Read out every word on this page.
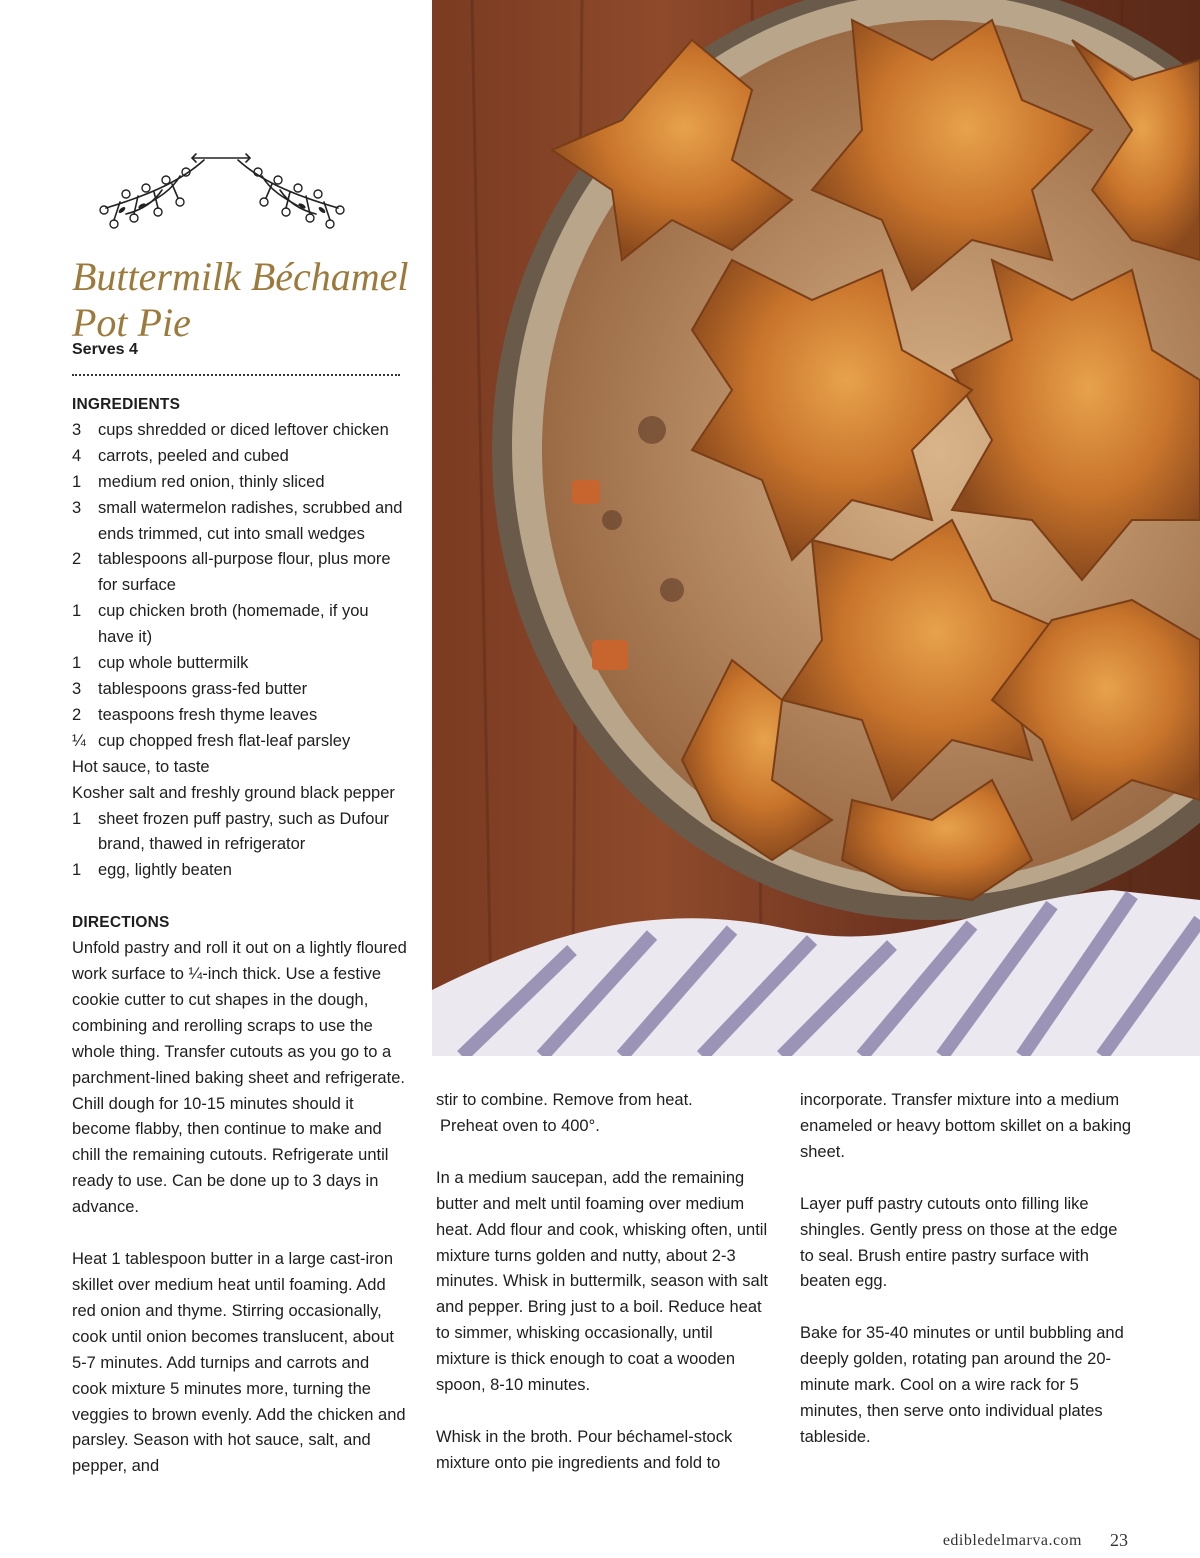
Buttermilk Béchamel Pot Pie
Serves 4
INGREDIENTS
3	cups shredded or diced leftover chicken
4	carrots, peeled and cubed
1	medium red onion, thinly sliced
3	small watermelon radishes, scrubbed and ends trimmed, cut into small wedges
2	tablespoons all-purpose flour, plus more for surface
1	cup chicken broth (homemade, if you have it)
1	cup whole buttermilk
3	tablespoons grass-fed butter
2	teaspoons fresh thyme leaves
¼ cup chopped fresh flat-leaf parsley
Hot sauce, to taste
Kosher salt and freshly ground black pepper
1	sheet frozen puff pastry, such as Dufour brand, thawed in refrigerator
1	egg, lightly beaten
DIRECTIONS

Unfold pastry and roll it out on a lightly floured work surface to ¼-inch thick. Use a festive cookie cutter to cut shapes in the dough, combining and rerolling scraps to use the whole thing. Transfer cutouts as you go to a parchment-lined baking sheet and refrigerate. Chill dough for 10-15 minutes should it become flabby, then continue to make and chill the remaining cutouts. Refrigerate until ready to use. Can be done up to 3 days in advance.

Heat 1 tablespoon butter in a large cast-iron skillet over medium heat until foaming. Add red onion and thyme. Stirring occasionally, cook until onion becomes translucent, about 5-7 minutes. Add turnips and carrots and cook mixture 5 minutes more, turning the veggies to brown evenly. Add the chicken and parsley. Season with hot sauce, salt, and pepper, and

stir to combine. Remove from heat.

Preheat oven to 400°.

In a medium saucepan, add the remaining butter and melt until foaming over medium heat. Add flour and cook, whisking often, until mixture turns golden and nutty, about 2-3 minutes. Whisk in buttermilk, season with salt and pepper. Bring just to a boil. Reduce heat to simmer, whisking occasionally, until mixture is thick enough to coat a wooden spoon, 8-10 minutes.

Whisk in the broth. Pour béchamel-stock mixture onto pie ingredients and fold to

incorporate. Transfer mixture into a medium enameled or heavy bottom skillet on a baking sheet.

Layer puff pastry cutouts onto filling like shingles. Gently press on those at the edge to seal. Brush entire pastry surface with beaten egg.

Bake for 35-40 minutes or until bubbling and deeply golden, rotating pan around the 20-minute mark. Cool on a wire rack for 5 minutes, then serve onto individual plates tableside.

edibledelmarva.com 23
